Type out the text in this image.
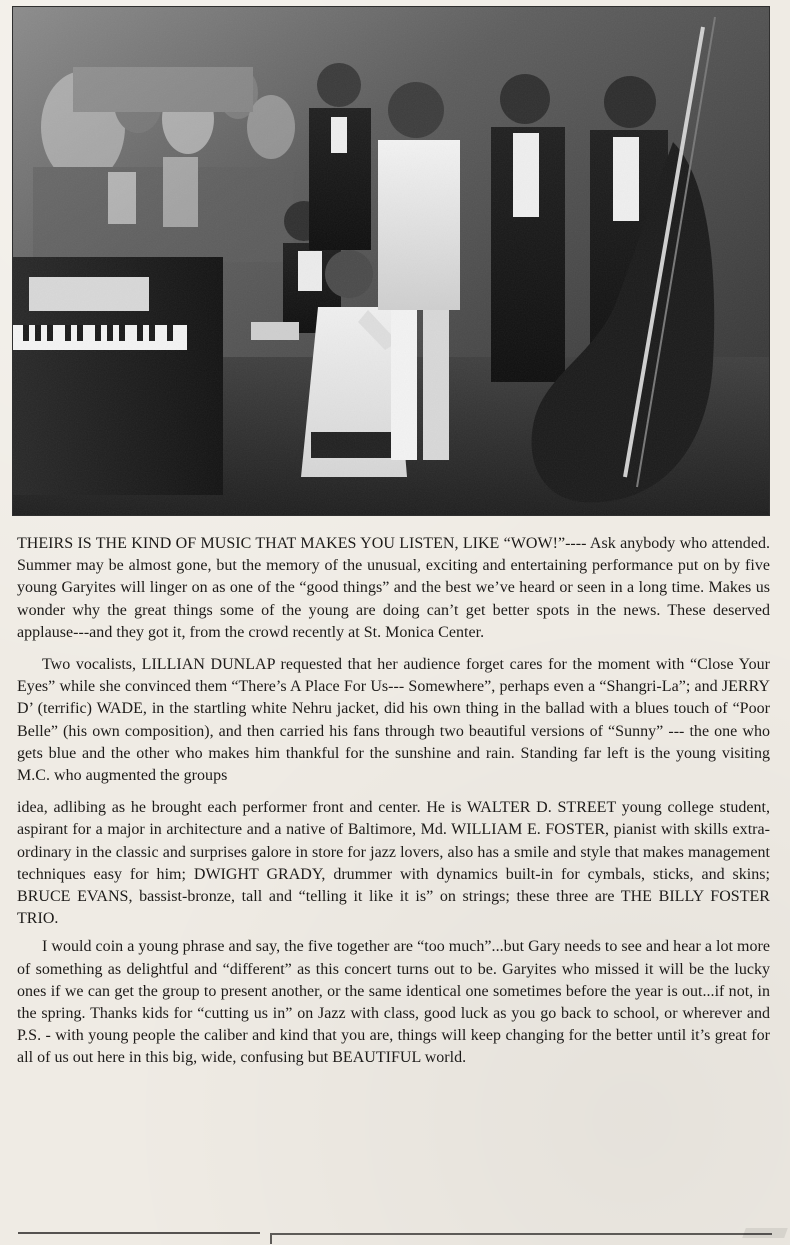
THEIRS IS THE KIND OF MUSIC THAT MAKES YOU LISTEN, LIKE “WOW!”---- Ask anybody who attended. Summer may be almost gone, but the memory of the unusual, exciting and entertaining performance put on by five young Garyites will linger on as one of the “good things” and the best we’ve heard or seen in a long time. Makes us wonder why the great things some of the young are doing can’t get better spots in the news. These deserved applause---and they got it, from the crowd recently at St. Monica Center.

Two vocalists, LILLIAN DUNLAP requested that her audience forget cares for the moment with “Close Your Eyes” while she convinced them “There’s A Place For Us--- Somewhere”, perhaps even a “Shangri-La”; and JERRY D’ (terrific) WADE, in the startling white Nehru jacket, did his own thing in the ballad with a blues touch of “Poor Belle” (his own composition), and then carried his fans through two beautiful versions of “Sunny” --- the one who gets blue and the other who makes him thankful for the sunshine and rain. Standing far left is the young visiting M.C. who augmented the groups

idea, adlibing as he brought each performer front and center. He is WALTER D. STREET young college student, aspirant for a major in architecture and a native of Baltimore, Md. WILLIAM E. FOSTER, pianist with skills extra-ordinary in the classic and surprises galore in store for jazz lovers, also has a smile and style that makes management techniques easy for him; DWIGHT GRADY, drummer with dynamics built-in for cymbals, sticks, and skins; BRUCE EVANS, bassist-bronze, tall and “telling it like it is” on strings; these three are THE BILLY FOSTER TRIO.

I would coin a young phrase and say, the five together are “too much”...but Gary needs to see and hear a lot more of something as delightful and “different” as this concert turns out to be. Garyites who missed it will be the lucky ones if we can get the group to present another, or the same identical one sometimes before the year is out...if not, in the spring. Thanks kids for “cutting us in” on Jazz with class, good luck as you go back to school, or wherever and P.S. - with young people the caliber and kind that you are, things will keep changing for the better until it’s great for all of us out here in this big, wide, confusing but BEAUTIFUL world.
